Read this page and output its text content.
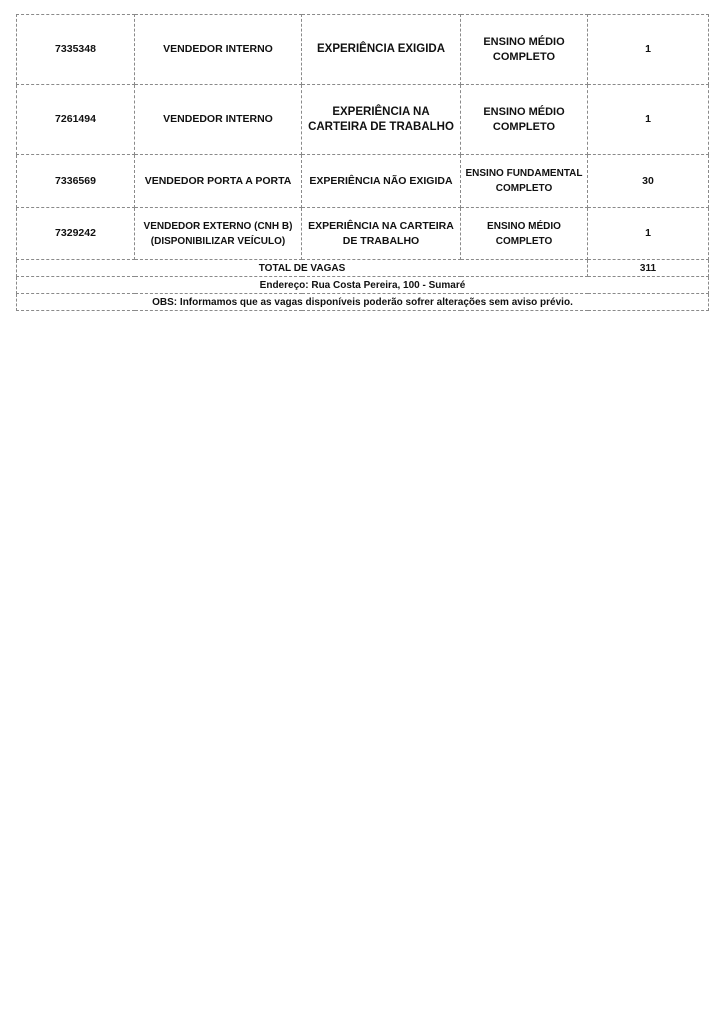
7335348	VENDEDOR INTERNO	EXPERIÊNCIA EXIGIDA	ENSINO MÉDIO COMPLETO	1
7261494	VENDEDOR INTERNO	EXPERIÊNCIA NA CARTEIRA DE TRABALHO	ENSINO MÉDIO COMPLETO	1
7336569	VENDEDOR PORTA A PORTA	EXPERIÊNCIA NÃO EXIGIDA	ENSINO FUNDAMENTAL COMPLETO	30
7329242	VENDEDOR EXTERNO (CNH B) (DISPONIBILIZAR VEÍCULO)	EXPERIÊNCIA NA CARTEIRA DE TRABALHO	ENSINO MÉDIO COMPLETO	1
TOTAL DE VAGAS				311
Endereço: Rua Costa Pereira, 100 - Sumaré				
OBS: Informamos que as vagas disponíveis poderão sofrer alterações sem aviso prévio.				
